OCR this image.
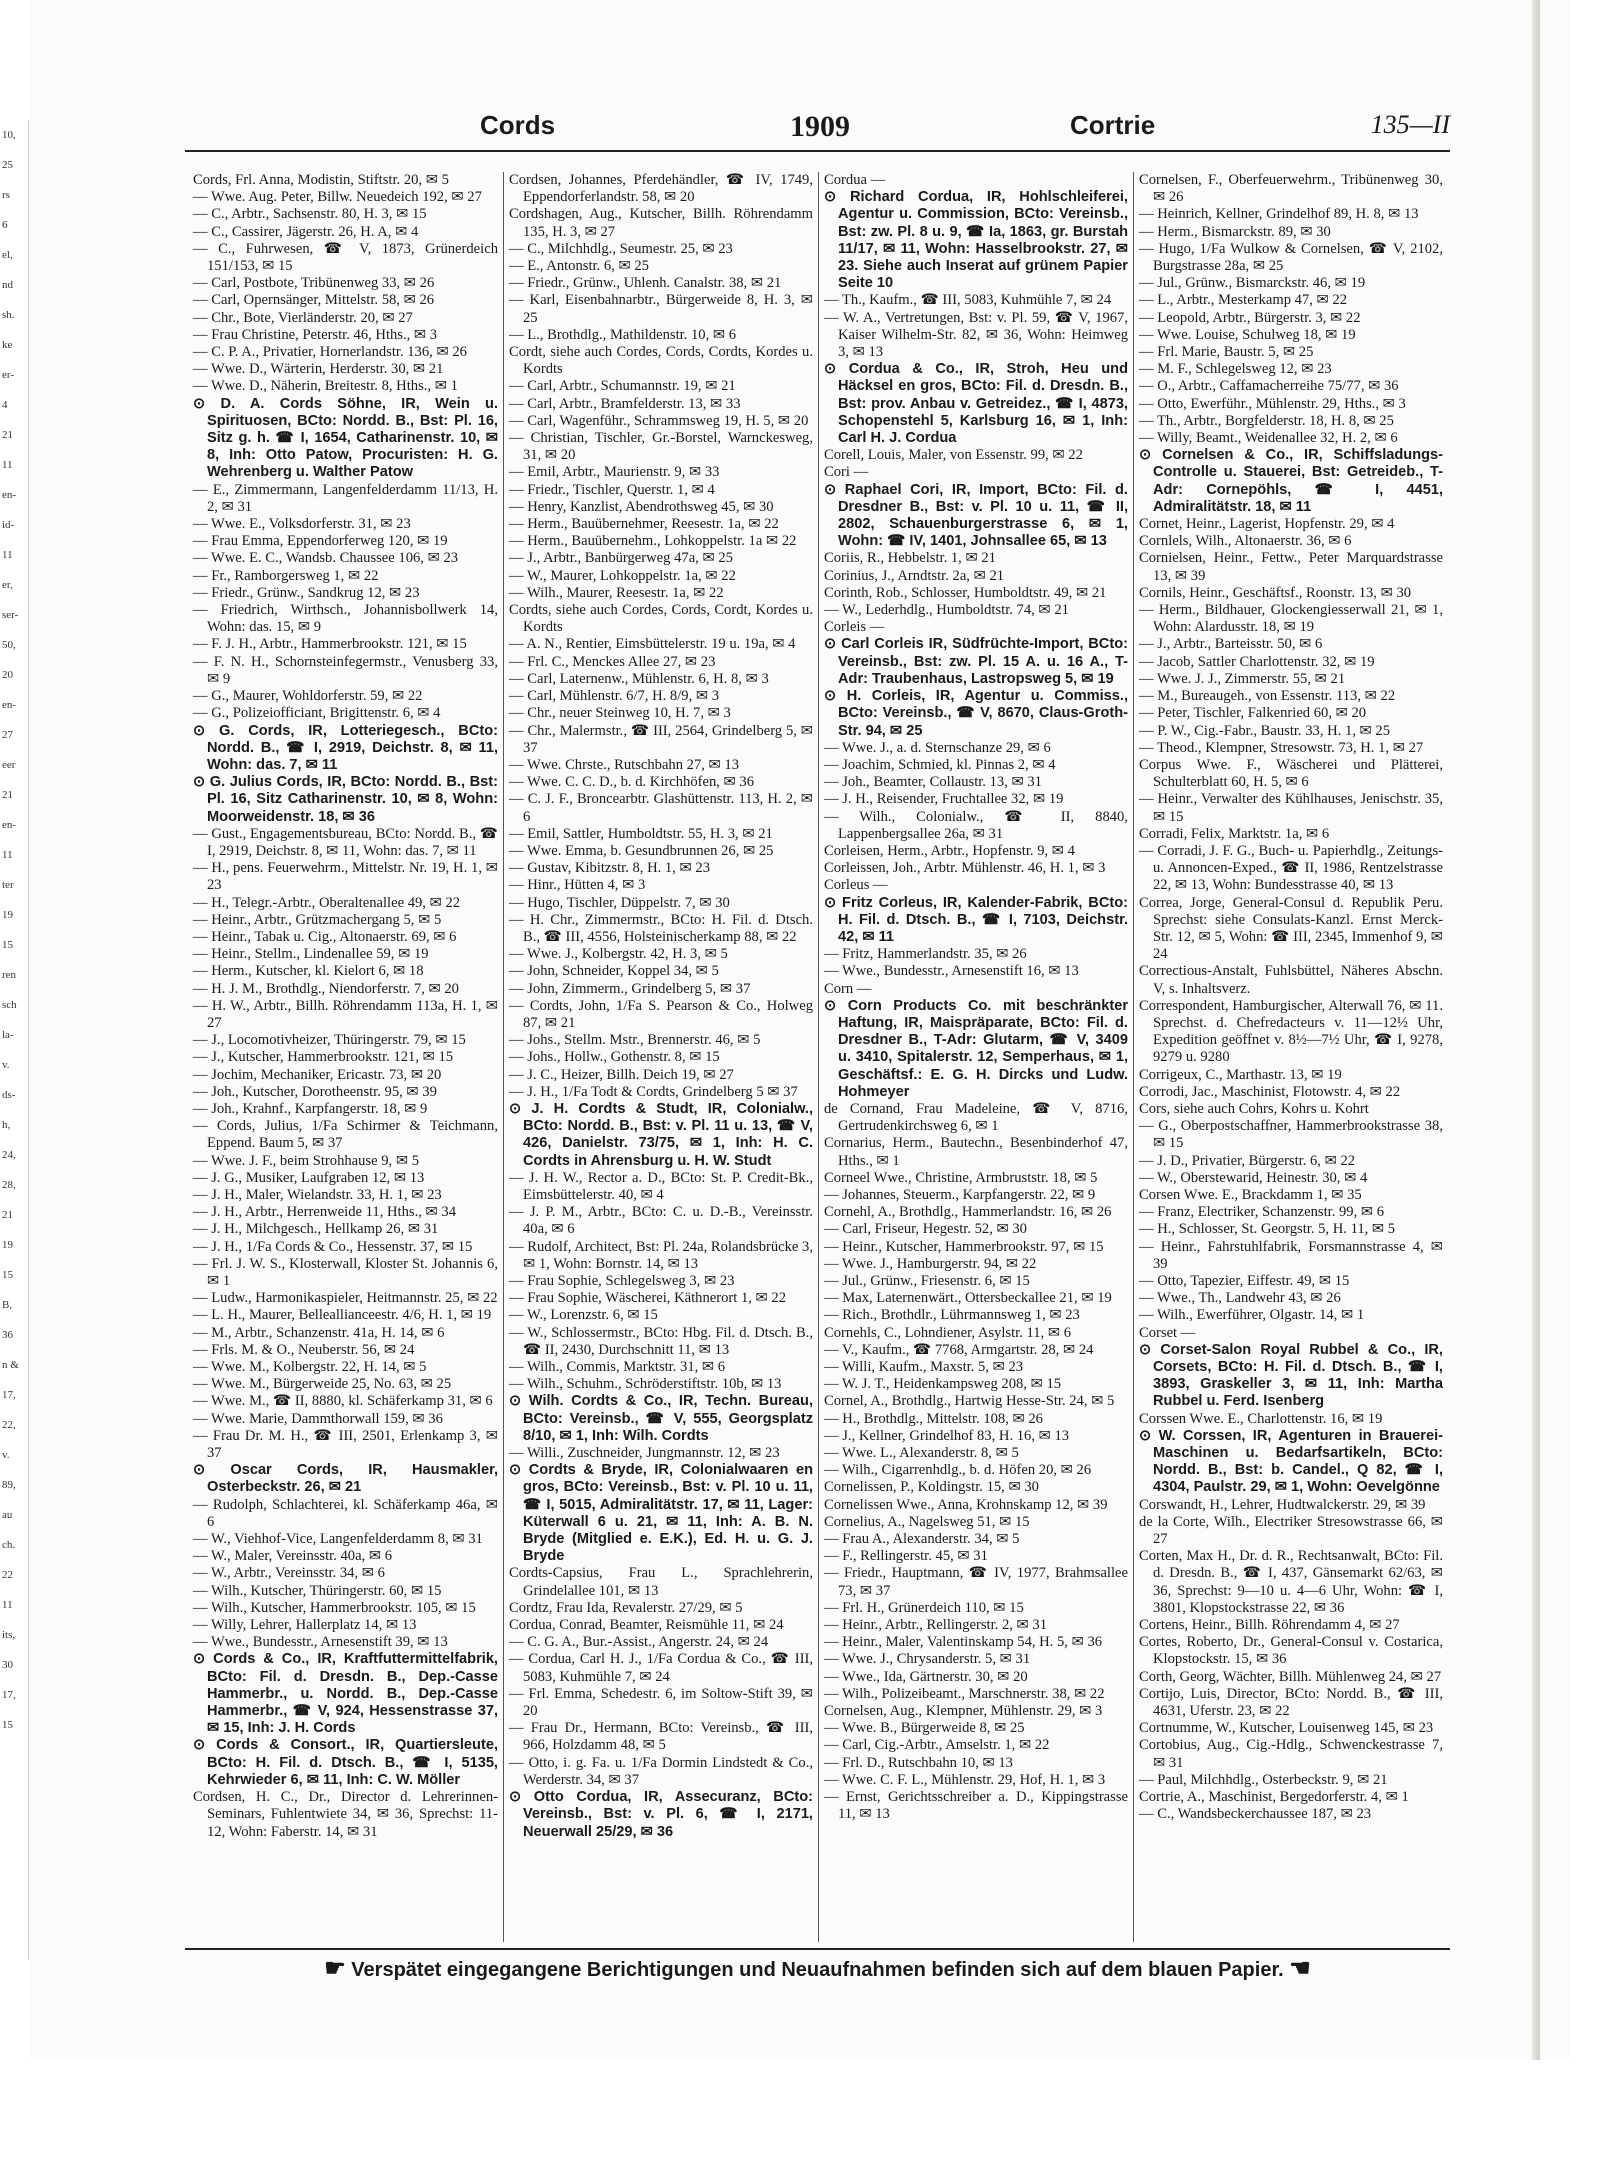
10,
25
rs
6
el,
nd
sh.
ke
er-
4
21
11
en-
id-
11
er,
ser-
50,
20
en-
27
eer
21
en-
11
ter
19
15
ren
sch
la-
v.
ds-
h,
24,
28,
21
19
15
B,
36
n &
17,
22,
v.
89,
au
ch.
22
11
its,
30
17,
15
Cords	1909	Cortrie	135—II

Cords, Frl. Anna, Modistin, Stiftstr. 20, ✉ 5

— Wwe. Aug. Peter, Billw. Neuedeich 192, ✉ 27

— C., Arbtr., Sachsenstr. 80, H. 3, ✉ 15

— C., Cassirer, Jägerstr. 26, H. A, ✉ 4

— C., Fuhrwesen, ☎ V, 1873, Grünerdeich 151/153, ✉ 15

— Carl, Postbote, Tribünenweg 33, ✉ 26

— Carl, Opernsänger, Mittelstr. 58, ✉ 26

— Chr., Bote, Vierländerstr. 20, ✉ 27

— Frau Christine, Peterstr. 46, Hths., ✉ 3

— C. P. A., Privatier, Hornerlandstr. 136, ✉ 26

— Wwe. D., Wärterin, Herderstr. 30, ✉ 21

— Wwe. D., Näherin, Breitestr. 8, Hths., ✉ 1

⊙ D. A. Cords Söhne, IR, Wein u. Spirituosen, BCto: Nordd. B., Bst: Pl. 16, Sitz g. h. ☎ I, 1654, Catharinenstr. 10, ✉ 8, Inh: Otto Patow, Procuristen: H. G. Wehrenberg u. Walther Patow

— E., Zimmermann, Langenfelderdamm 11/13, H. 2, ✉ 31

— Wwe. E., Volksdorferstr. 31, ✉ 23

— Frau Emma, Eppendorferweg 120, ✉ 19

— Wwe. E. C., Wandsb. Chaussee 106, ✉ 23

— Fr., Ramborgersweg 1, ✉ 22

— Friedr., Grünw., Sandkrug 12, ✉ 23

— Friedrich, Wirthsch., Johannisbollwerk 14, Wohn: das. 15, ✉ 9

— F. J. H., Arbtr., Hammerbrookstr. 121, ✉ 15

— F. N. H., Schornsteinfegermstr., Venusberg 33, ✉ 9

— G., Maurer, Wohldorferstr. 59, ✉ 22

— G., Polizeiofficiant, Brigittenstr. 6, ✉ 4

⊙ G. Cords, IR, Lotteriegesch., BCto: Nordd. B., ☎ I, 2919, Deichstr. 8, ✉ 11, Wohn: das. 7, ✉ 11

⊙ G. Julius Cords, IR, BCto: Nordd. B., Bst: Pl. 16, Sitz Catharinenstr. 10, ✉ 8, Wohn: Moorweidenstr. 18, ✉ 36

— Gust., Engagementsbureau, BCto: Nordd. B., ☎ I, 2919, Deichstr. 8, ✉ 11, Wohn: das. 7, ✉ 11

— H., pens. Feuerwehrm., Mittelstr. Nr. 19, H. 1, ✉ 23

— H., Telegr.-Arbtr., Oberaltenallee 49, ✉ 22

— Heinr., Arbtr., Grützmachergang 5, ✉ 5

— Heinr., Tabak u. Cig., Altonaerstr. 69, ✉ 6

— Heinr., Stellm., Lindenallee 59, ✉ 19

— Herm., Kutscher, kl. Kielort 6, ✉ 18

— H. J. M., Brothdlg., Niendorferstr. 7, ✉ 20

— H. W., Arbtr., Billh. Röhrendamm 113a, H. 1, ✉ 27

— J., Locomotivheizer, Thüringerstr. 79, ✉ 15

— J., Kutscher, Hammerbrookstr. 121, ✉ 15

— Jochim, Mechaniker, Ericastr. 73, ✉ 20

— Joh., Kutscher, Dorotheenstr. 95, ✉ 39

— Joh., Krahnf., Karpfangerstr. 18, ✉ 9

— Cords, Julius, 1/Fa Schirmer & Teichmann, Eppend. Baum 5, ✉ 37

— Wwe. J. F., beim Strohhause 9, ✉ 5

— J. G., Musiker, Laufgraben 12, ✉ 13

— J. H., Maler, Wielandstr. 33, H. 1, ✉ 23

— J. H., Arbtr., Herrenweide 11, Hths., ✉ 34

— J. H., Milchgesch., Hellkamp 26, ✉ 31

— J. H., 1/Fa Cords & Co., Hessenstr. 37, ✉ 15

— Frl. J. W. S., Klosterwall, Kloster St. Johannis 6, ✉ 1

— Ludw., Harmonikaspieler, Heitmannstr. 25, ✉ 22

— L. H., Maurer, Belleallianceestr. 4/6, H. 1, ✉ 19

— M., Arbtr., Schanzenstr. 41a, H. 14, ✉ 6

— Frls. M. & O., Neuberstr. 56, ✉ 24

— Wwe. M., Kolbergstr. 22, H. 14, ✉ 5

— Wwe. M., Bürgerweide 25, No. 63, ✉ 25

— Wwe. M., ☎ II, 8880, kl. Schäferkamp 31, ✉ 6

— Wwe. Marie, Dammthorwall 159, ✉ 36

— Frau Dr. M. H., ☎ III, 2501, Erlenkamp 3, ✉ 37

⊙ Oscar Cords, IR, Hausmakler, Osterbeckstr. 26, ✉ 21

— Rudolph, Schlachterei, kl. Schäferkamp 46a, ✉ 6

— W., Viehhof-Vice, Langenfelderdamm 8, ✉ 31

— W., Maler, Vereinsstr. 40a, ✉ 6

— W., Arbtr., Vereinsstr. 34, ✉ 6

— Wilh., Kutscher, Thüringerstr. 60, ✉ 15

— Wilh., Kutscher, Hammerbrookstr. 105, ✉ 15

— Willy, Lehrer, Hallerplatz 14, ✉ 13

— Wwe., Bundesstr., Arnesenstift 39, ✉ 13

⊙ Cords & Co., IR, Kraftfuttermittelfabrik, BCto: Fil. d. Dresdn. B., Dep.-Casse Hammerbr., u. Nordd. B., Dep.-Casse Hammerbr., ☎ V, 924, Hessenstrasse 37, ✉ 15, Inh: J. H. Cords

⊙ Cords & Consort., IR, Quartiersleute, BCto: H. Fil. d. Dtsch. B., ☎ I, 5135, Kehrwieder 6, ✉ 11, Inh: C. W. Möller

Cordsen, H. C., Dr., Director d. Lehrerinnen-Seminars, Fuhlentwiete 34, ✉ 36, Sprechst: 11-12, Wohn: Faberstr. 14, ✉ 31

Cordsen, Johannes, Pferdehändler, ☎ IV, 1749, Eppendorferlandstr. 58, ✉ 20

Cordshagen, Aug., Kutscher, Billh. Röhrendamm 135, H. 3, ✉ 27

— C., Milchhdlg., Seumestr. 25, ✉ 23

— E., Antonstr. 6, ✉ 25

— Friedr., Grünw., Uhlenh. Canalstr. 38, ✉ 21

— Karl, Eisenbahnarbtr., Bürgerweide 8, H. 3, ✉ 25

— L., Brothdlg., Mathildenstr. 10, ✉ 6

Cordt, siehe auch Cordes, Cords, Cordts, Kordes u. Kordts

— Carl, Arbtr., Schumannstr. 19, ✉ 21

— Carl, Arbtr., Bramfelderstr. 13, ✉ 33

— Carl, Wagenführ., Schrammsweg 19, H. 5, ✉ 20

— Christian, Tischler, Gr.-Borstel, Warnckesweg, 31, ✉ 20

— Emil, Arbtr., Maurienstr. 9, ✉ 33

— Friedr., Tischler, Querstr. 1, ✉ 4

— Henry, Kanzlist, Abendrothsweg 45, ✉ 30

— Herm., Bauübernehmer, Reesestr. 1a, ✉ 22

— Herm., Bauübernehm., Lohkoppelstr. 1a ✉ 22

— J., Arbtr., Banbürgerweg 47a, ✉ 25

— W., Maurer, Lohkoppelstr. 1a, ✉ 22

— Wilh., Maurer, Reesestr. 1a, ✉ 22

Cordts, siehe auch Cordes, Cords, Cordt, Kordes u. Kordts

— A. N., Rentier, Eimsbüttelerstr. 19 u. 19a, ✉ 4

— Frl. C., Menckes Allee 27, ✉ 23

— Carl, Laternenw., Mühlenstr. 6, H. 8, ✉ 3

— Carl, Mühlenstr. 6/7, H. 8/9, ✉ 3

— Chr., neuer Steinweg 10, H. 7, ✉ 3

— Chr., Malermstr., ☎ III, 2564, Grindelberg 5, ✉ 37

— Wwe. Chrste., Rutschbahn 27, ✉ 13

— Wwe. C. C. D., b. d. Kirchhöfen, ✉ 36

— C. J. F., Broncearbtr. Glashüttenstr. 113, H. 2, ✉ 6

— Emil, Sattler, Humboldtstr. 55, H. 3, ✉ 21

— Wwe. Emma, b. Gesundbrunnen 26, ✉ 25

— Gustav, Kibitzstr. 8, H. 1, ✉ 23

— Hinr., Hütten 4, ✉ 3

— Hugo, Tischler, Düppelstr. 7, ✉ 30

— H. Chr., Zimmermstr., BCto: H. Fil. d. Dtsch. B., ☎ III, 4556, Holsteinischerkamp 88, ✉ 22

— Wwe. J., Kolbergstr. 42, H. 3, ✉ 5

— John, Schneider, Koppel 34, ✉ 5

— John, Zimmerm., Grindelberg 5, ✉ 37

— Cordts, John, 1/Fa S. Pearson & Co., Holweg 87, ✉ 21

— Johs., Stellm. Mstr., Brennerstr. 46, ✉ 5

— Johs., Hollw., Gothenstr. 8, ✉ 15

— J. C., Heizer, Billh. Deich 19, ✉ 27

— J. H., 1/Fa Todt & Cordts, Grindelberg 5 ✉ 37

⊙ J. H. Cordts & Studt, IR, Colonialw., BCto: Nordd. B., Bst: v. Pl. 11 u. 13, ☎ V, 426, Danielstr. 73/75, ✉ 1, Inh: H. C. Cordts in Ahrensburg u. H. W. Studt

— J. H. W., Rector a. D., BCto: St. P. Credit-Bk., Eimsbüttelerstr. 40, ✉ 4

— J. P. M., Arbtr., BCto: C. u. D.-B., Vereinsstr. 40a, ✉ 6

— Rudolf, Architect, Bst: Pl. 24a, Rolandsbrücke 3, ✉ 1, Wohn: Bornstr. 14, ✉ 13

— Frau Sophie, Schlegelsweg 3, ✉ 23

— Frau Sophie, Wäscherei, Käthnerort 1, ✉ 22

— W., Lorenzstr. 6, ✉ 15

— W., Schlossermstr., BCto: Hbg. Fil. d. Dtsch. B., ☎ II, 2430, Durchschnitt 11, ✉ 13

— Wilh., Commis, Marktstr. 31, ✉ 6

— Wilh., Schuhm., Schröderstiftstr. 10b, ✉ 13

⊙ Wilh. Cordts & Co., IR, Techn. Bureau, BCto: Vereinsb., ☎ V, 555, Georgsplatz 8/10, ✉ 1, Inh: Wilh. Cordts

— Willi., Zuschneider, Jungmannstr. 12, ✉ 23

⊙ Cordts & Bryde, IR, Colonialwaaren en gros, BCto: Vereinsb., Bst: v. Pl. 10 u. 11, ☎ I, 5015, Admiralitätstr. 17, ✉ 11, Lager: Küterwall 6 u. 21, ✉ 11, Inh: A. B. N. Bryde (Mitglied e. E.K.), Ed. H. u. G. J. Bryde

Cordts-Capsius, Frau L., Sprachlehrerin, Grindelallee 101, ✉ 13

Cordtz, Frau Ida, Revalerstr. 27/29, ✉ 5

Cordua, Conrad, Beamter, Reismühle 11, ✉ 24

— C. G. A., Bur.-Assist., Angerstr. 24, ✉ 24

— Cordua, Carl H. J., 1/Fa Cordua & Co., ☎ III, 5083, Kuhmühle 7, ✉ 24

— Frl. Emma, Schedestr. 6, im Soltow-Stift 39, ✉ 20

— Frau Dr., Hermann, BCto: Vereinsb., ☎ III, 966, Holzdamm 48, ✉ 5

— Otto, i. g. Fa. u. 1/Fa Dormin Lindstedt & Co., Werderstr. 34, ✉ 37

⊙ Otto Cordua, IR, Assecuranz, BCto: Vereinsb., Bst: v. Pl. 6, ☎ I, 2171, Neuerwall 25/29, ✉ 36

Cordua —

⊙ Richard Cordua, IR, Hohlschleiferei, Agentur u. Commission, BCto: Vereinsb., Bst: zw. Pl. 8 u. 9, ☎ Ia, 1863, gr. Burstah 11/17, ✉ 11, Wohn: Hasselbrookstr. 27, ✉ 23. Siehe auch Inserat auf grünem Papier Seite 10

— Th., Kaufm., ☎ III, 5083, Kuhmühle 7, ✉ 24

— W. A., Vertretungen, Bst: v. Pl. 59, ☎ V, 1967, Kaiser Wilhelm-Str. 82, ✉ 36, Wohn: Heimweg 3, ✉ 13

⊙ Cordua & Co., IR, Stroh, Heu und Häcksel en gros, BCto: Fil. d. Dresdn. B., Bst: prov. Anbau v. Getreidez., ☎ I, 4873, Schopenstehl 5, Karlsburg 16, ✉ 1, Inh: Carl H. J. Cordua

Corell, Louis, Maler, von Essenstr. 99, ✉ 22

Cori —

⊙ Raphael Cori, IR, Import, BCto: Fil. d. Dresdner B., Bst: v. Pl. 10 u. 11, ☎ II, 2802, Schauenburgerstrasse 6, ✉ 1, Wohn: ☎ IV, 1401, Johnsallee 65, ✉ 13

Coriis, R., Hebbelstr. 1, ✉ 21

Corinius, J., Arndtstr. 2a, ✉ 21

Corinth, Rob., Schlosser, Humboldtstr. 49, ✉ 21

— W., Lederhdlg., Humboldtstr. 74, ✉ 21

Corleis —

⊙ Carl Corleis IR, Südfrüchte-Import, BCto: Vereinsb., Bst: zw. Pl. 15 A. u. 16 A., T-Adr: Traubenhaus, Lastropsweg 5, ✉ 19

⊙ H. Corleis, IR, Agentur u. Commiss., BCto: Vereinsb., ☎ V, 8670, Claus-Groth-Str. 94, ✉ 25

— Wwe. J., a. d. Sternschanze 29, ✉ 6

— Joachim, Schmied, kl. Pinnas 2, ✉ 4

— Joh., Beamter, Collaustr. 13, ✉ 31

— J. H., Reisender, Fruchtallee 32, ✉ 19

— Wilh., Colonialw., ☎ II, 8840, Lappenbergsallee 26a, ✉ 31

Corleisen, Herm., Arbtr., Hopfenstr. 9, ✉ 4

Corleissen, Joh., Arbtr. Mühlenstr. 46, H. 1, ✉ 3

Corleus —

⊙ Fritz Corleus, IR, Kalender-Fabrik, BCto: H. Fil. d. Dtsch. B., ☎ I, 7103, Deichstr. 42, ✉ 11

— Fritz, Hammerlandstr. 35, ✉ 26

— Wwe., Bundesstr., Arnesenstift 16, ✉ 13

Corn —

⊙ Corn Products Co. mit beschränkter Haftung, IR, Maispräparate, BCto: Fil. d. Dresdner B., T-Adr: Glutarm, ☎ V, 3409 u. 3410, Spitalerstr. 12, Semperhaus, ✉ 1, Geschäftsf.: E. G. H. Dircks und Ludw. Hohmeyer

de Cornand, Frau Madeleine, ☎ V, 8716, Gertrudenkirchsweg 6, ✉ 1

Cornarius, Herm., Bautechn., Besenbinderhof 47, Hths., ✉ 1

Corneel Wwe., Christine, Armbruststr. 18, ✉ 5

— Johannes, Steuerm., Karpfangerstr. 22, ✉ 9

Cornehl, A., Brothdlg., Hammerlandstr. 16, ✉ 26

— Carl, Friseur, Hegestr. 52, ✉ 30

— Heinr., Kutscher, Hammerbrookstr. 97, ✉ 15

— Wwe. J., Hamburgerstr. 94, ✉ 22

— Jul., Grünw., Friesenstr. 6, ✉ 15

— Max, Laternenwärt., Ottersbeckallee 21, ✉ 19

— Rich., Brothdlr., Lührmannsweg 1, ✉ 23

Cornehls, C., Lohndiener, Asylstr. 11, ✉ 6

— V., Kaufm., ☎ 7768, Armgartstr. 28, ✉ 24

— Willi, Kaufm., Maxstr. 5, ✉ 23

— W. J. T., Heidenkampsweg 208, ✉ 15

Cornel, A., Brothdlg., Hartwig Hesse-Str. 24, ✉ 5

— H., Brothdlg., Mittelstr. 108, ✉ 26

— J., Kellner, Grindelhof 83, H. 16, ✉ 13

— Wwe. L., Alexanderstr. 8, ✉ 5

— Wilh., Cigarrenhdlg., b. d. Höfen 20, ✉ 26

Cornelissen, P., Koldingstr. 15, ✉ 30

Cornelissen Wwe., Anna, Krohnskamp 12, ✉ 39

Cornelius, A., Nagelsweg 51, ✉ 15

— Frau A., Alexanderstr. 34, ✉ 5

— F., Rellingerstr. 45, ✉ 31

— Friedr., Hauptmann, ☎ IV, 1977, Brahmsallee 73, ✉ 37

— Frl. H., Grünerdeich 110, ✉ 15

— Heinr., Arbtr., Rellingerstr. 2, ✉ 31

— Heinr., Maler, Valentinskamp 54, H. 5, ✉ 36

— Wwe. J., Chrysanderstr. 5, ✉ 31

— Wwe., Ida, Gärtnerstr. 30, ✉ 20

— Wilh., Polizeibeamt., Marschnerstr. 38, ✉ 22

Cornelsen, Aug., Klempner, Mühlenstr. 29, ✉ 3

— Wwe. B., Bürgerweide 8, ✉ 25

— Carl, Cig.-Arbtr., Amselstr. 1, ✉ 22

— Frl. D., Rutschbahn 10, ✉ 13

— Wwe. C. F. L., Mühlenstr. 29, Hof, H. 1, ✉ 3

— Ernst, Gerichtsschreiber a. D., Kippingstrasse 11, ✉ 13

Cornelsen, F., Oberfeuerwehrm., Tribünenweg 30, ✉ 26

— Heinrich, Kellner, Grindelhof 89, H. 8, ✉ 13

— Herm., Bismarckstr. 89, ✉ 30

— Hugo, 1/Fa Wulkow & Cornelsen, ☎ V, 2102, Burgstrasse 28a, ✉ 25

— Jul., Grünw., Bismarckstr. 46, ✉ 19

— L., Arbtr., Mesterkamp 47, ✉ 22

— Leopold, Arbtr., Bürgerstr. 3, ✉ 22

— Wwe. Louise, Schulweg 18, ✉ 19

— Frl. Marie, Baustr. 5, ✉ 25

— M. F., Schlegelsweg 12, ✉ 23

— O., Arbtr., Caffamacherreihe 75/77, ✉ 36

— Otto, Ewerführ., Mühlenstr. 29, Hths., ✉ 3

— Th., Arbtr., Borgfelderstr. 18, H. 8, ✉ 25

— Willy, Beamt., Weidenallee 32, H. 2, ✉ 6

⊙ Cornelsen & Co., IR, Schiffsladungs-Controlle u. Stauerei, Bst: Getreideb., T-Adr: Cornepöhls, ☎ I, 4451, Admiralitätstr. 18, ✉ 11

Cornet, Heinr., Lagerist, Hopfenstr. 29, ✉ 4

Cornlels, Wilh., Altonaerstr. 36, ✉ 6

Cornielsen, Heinr., Fettw., Peter Marquardstrasse 13, ✉ 39

Cornils, Heinr., Geschäftsf., Roonstr. 13, ✉ 30

— Herm., Bildhauer, Glockengiesserwall 21, ✉ 1, Wohn: Alardusstr. 18, ✉ 19

— J., Arbtr., Barteisstr. 50, ✉ 6

— Jacob, Sattler Charlottenstr. 32, ✉ 19

— Wwe. J. J., Zimmerstr. 55, ✉ 21

— M., Bureaugeh., von Essenstr. 113, ✉ 22

— Peter, Tischler, Falkenried 60, ✉ 20

— P. W., Cig.-Fabr., Baustr. 33, H. 1, ✉ 25

— Theod., Klempner, Stresowstr. 73, H. 1, ✉ 27

Corpus Wwe. F., Wäscherei und Plätterei, Schulterblatt 60, H. 5, ✉ 6

— Heinr., Verwalter des Kühlhauses, Jenischstr. 35, ✉ 15

Corradi, Felix, Marktstr. 1a, ✉ 6

— Corradi, J. F. G., Buch- u. Papierhdlg., Zeitungs- u. Annoncen-Exped., ☎ II, 1986, Rentzelstrasse 22, ✉ 13, Wohn: Bundesstrasse 40, ✉ 13

Correa, Jorge, General-Consul d. Republik Peru. Sprechst: siehe Consulats-Kanzl. Ernst Merck-Str. 12, ✉ 5, Wohn: ☎ III, 2345, Immenhof 9, ✉ 24

Correctious-Anstalt, Fuhlsbüttel, Näheres Abschn. V, s. Inhaltsverz.

Correspondent, Hamburgischer, Alterwall 76, ✉ 11. Sprechst. d. Chefredacteurs v. 11—12½ Uhr, Expedition geöffnet v. 8½—7½ Uhr, ☎ I, 9278, 9279 u. 9280

Corrigeux, C., Marthastr. 13, ✉ 19

Corrodi, Jac., Maschinist, Flotowstr. 4, ✉ 22

Cors, siehe auch Cohrs, Kohrs u. Kohrt

— G., Oberpostschaffner, Hammerbrookstrasse 38, ✉ 15

— J. D., Privatier, Bürgerstr. 6, ✉ 22

— W., Oberstewarid, Heinestr. 30, ✉ 4

Corsen Wwe. E., Brackdamm 1, ✉ 35

— Franz, Electriker, Schanzenstr. 99, ✉ 6

— H., Schlosser, St. Georgstr. 5, H. 11, ✉ 5

— Heinr., Fahrstuhlfabrik, Forsmannstrasse 4, ✉ 39

— Otto, Tapezier, Eiffestr. 49, ✉ 15

— Wwe., Th., Landwehr 43, ✉ 26

— Wilh., Ewerführer, Olgastr. 14, ✉ 1

Corset —

⊙ Corset-Salon Royal Rubbel & Co., IR, Corsets, BCto: H. Fil. d. Dtsch. B., ☎ I, 3893, Graskeller 3, ✉ 11, Inh: Martha Rubbel u. Ferd. Isenberg

Corssen Wwe. E., Charlottenstr. 16, ✉ 19

⊙ W. Corssen, IR, Agenturen in Brauerei-Maschinen u. Bedarfsartikeln, BCto: Nordd. B., Bst: b. Candel., Q 82, ☎ I, 4304, Paulstr. 29, ✉ 1, Wohn: Oevelgönne

Corswandt, H., Lehrer, Hudtwalckerstr. 29, ✉ 39

de la Corte, Wilh., Electriker Stresowstrasse 66, ✉ 27

Corten, Max H., Dr. d. R., Rechtsanwalt, BCto: Fil. d. Dresdn. B., ☎ I, 437, Gänsemarkt 62/63, ✉ 36, Sprechst: 9—10 u. 4—6 Uhr, Wohn: ☎ I, 3801, Klopstockstrasse 22, ✉ 36

Cortens, Heinr., Billh. Röhrendamm 4, ✉ 27

Cortes, Roberto, Dr., General-Consul v. Costarica, Klopstockstr. 15, ✉ 36

Corth, Georg, Wächter, Billh. Mühlenweg 24, ✉ 27

Cortijo, Luis, Director, BCto: Nordd. B., ☎ III, 4631, Uferstr. 23, ✉ 22

Cortnumme, W., Kutscher, Louisenweg 145, ✉ 23

Cortobius, Aug., Cig.-Hdlg., Schwenckestrasse 7, ✉ 31

— Paul, Milchhdlg., Osterbeckstr. 9, ✉ 21

Cortrie, A., Maschinist, Bergedorferstr. 4, ✉ 1

— C., Wandsbeckerchaussee 187, ✉ 23

☛ Verspätet eingegangene Berichtigungen und Neuaufnahmen befinden sich auf dem blauen Papier. ☚
